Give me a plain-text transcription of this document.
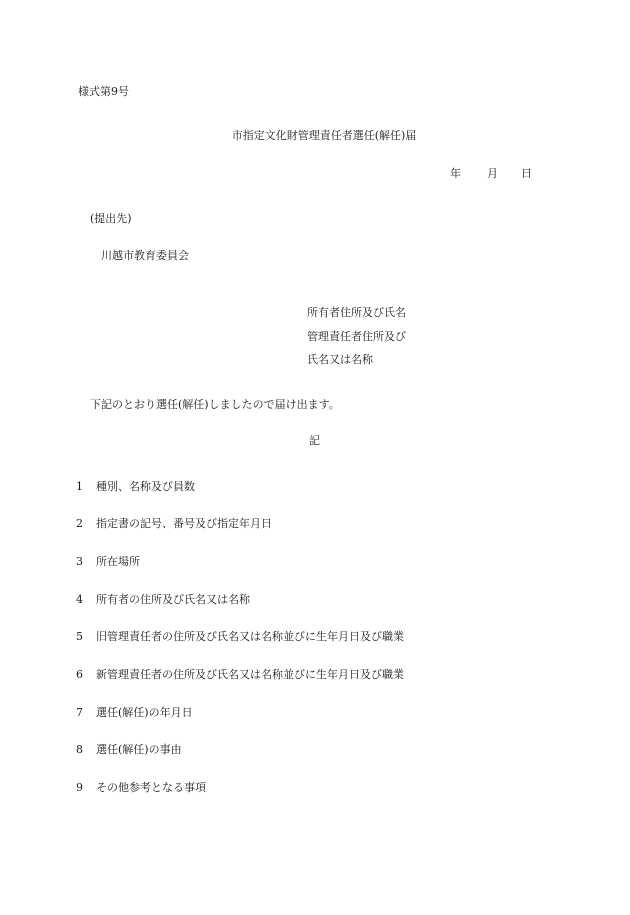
様式第9号
市指定文化財管理責任者選任(解任)届
年 月 日
(提出先)
川越市教育委員会
所有者住所及び氏名
管理責任者住所及び
氏名又は名称
下記のとおり選任(解任)しましたので届け出ます。
記
1 種別、名称及び員数
2 指定書の記号、番号及び指定年月日
3 所在場所
4 所有者の住所及び氏名又は名称
5 旧管理責任者の住所及び氏名又は名称並びに生年月日及び職業
6 新管理責任者の住所及び氏名又は名称並びに生年月日及び職業
7 選任(解任)の年月日
8 選任(解任)の事由
9 その他参考となる事項
